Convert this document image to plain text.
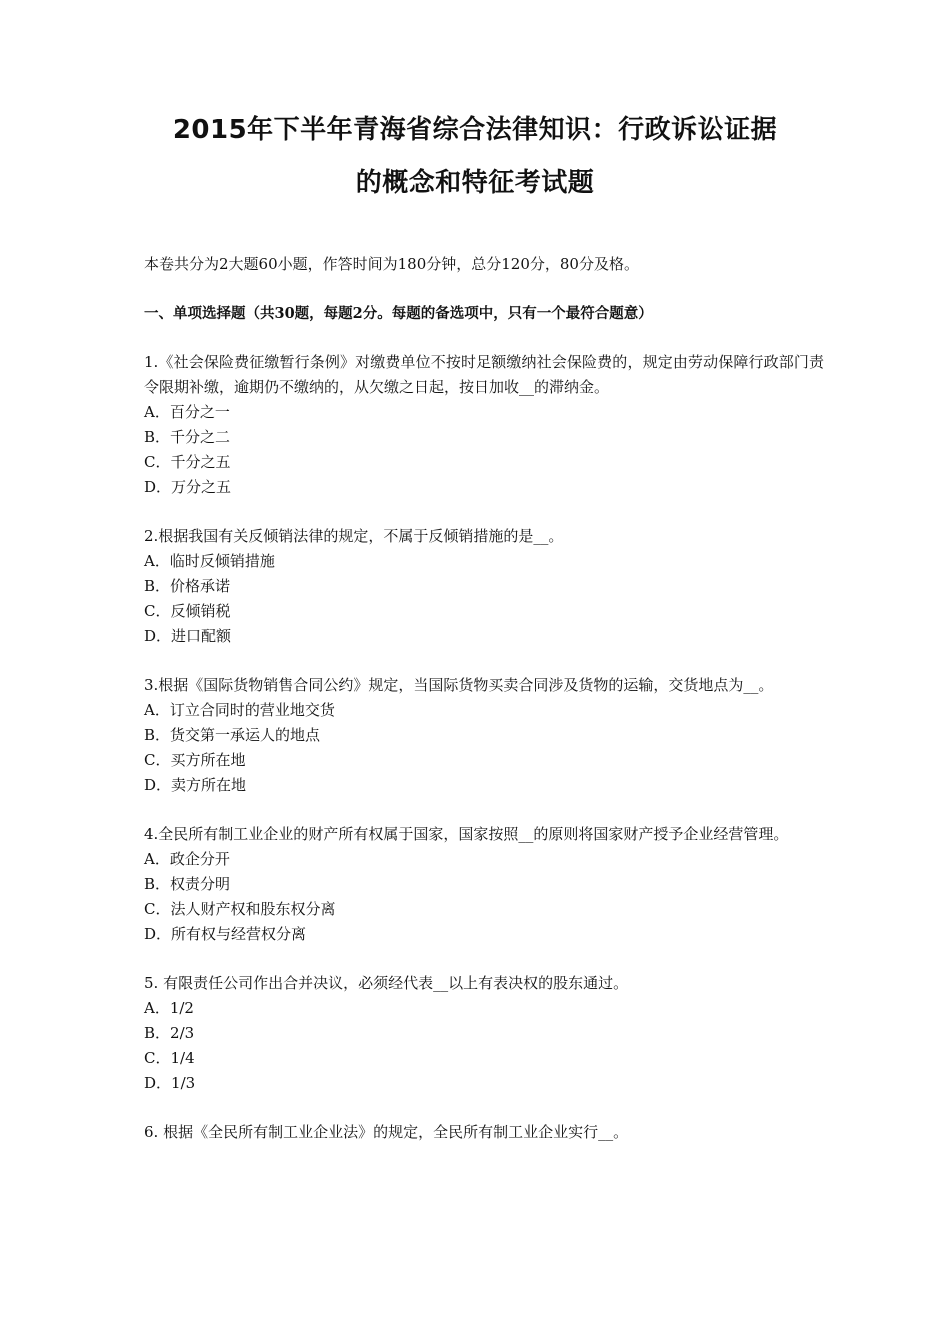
2015年下半年青海省综合法律知识：行政诉讼证据
的概念和特征考试题

本卷共分为2大题60小题，作答时间为180分钟，总分120分，80分及格。

一、单项选择题（共30题，每题2分。每题的备选项中，只有一个最符合题意）
1.《社会保险费征缴暂行条例》对缴费单位不按时足额缴纳社会保险费的，规定由劳动保障行政部门责令限期补缴，逾期仍不缴纳的，从欠缴之日起，按日加收__的滞纳金。
A．百分之一
B．千分之二
C．千分之五
D．万分之五
2.根据我国有关反倾销法律的规定，不属于反倾销措施的是__。
A．临时反倾销措施
B．价格承诺
C．反倾销税
D．进口配额
3.根据《国际货物销售合同公约》规定，当国际货物买卖合同涉及货物的运输，交货地点为__。
A．订立合同时的营业地交货
B．货交第一承运人的地点
C．买方所在地
D．卖方所在地
4.全民所有制工业企业的财产所有权属于国家，国家按照__的原则将国家财产授予企业经营管理。
A．政企分开
B．权责分明
C．法人财产权和股东权分离
D．所有权与经营权分离
5. 有限责任公司作出合并决议，必须经代表__以上有表决权的股东通过。
A．1/2
B．2/3
C．1/4
D．1/3
6. 根据《全民所有制工业企业法》的规定，全民所有制工业企业实行__。
